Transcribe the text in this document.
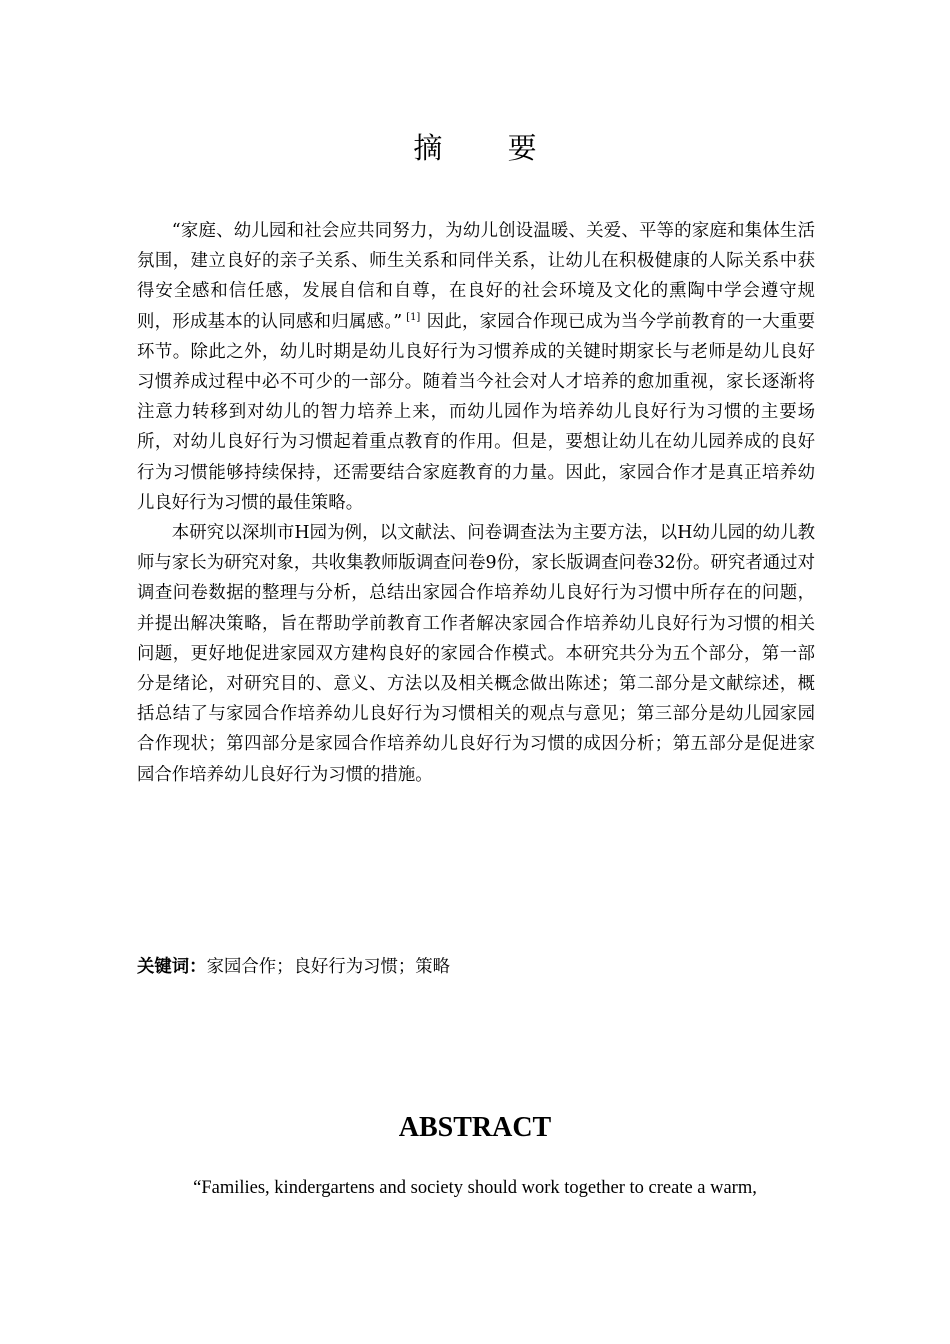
摘 要

“家庭、幼儿园和社会应共同努力，为幼儿创设温暖、关爱、平等的家庭和集体生活氛围，建立良好的亲子关系、师生关系和同伴关系，让幼儿在积极健康的人际关系中获得安全感和信任感，发展自信和自尊，在良好的社会环境及文化的熏陶中学会遵守规则，形成基本的认同感和归属感。” [1] 因此，家园合作现已成为当今学前教育的一大重要环节。除此之外，幼儿时期是幼儿良好行为习惯养成的关键时期家长与老师是幼儿良好习惯养成过程中必不可少的一部分。随着当今社会对人才培养的愈加重视，家长逐渐将注意力转移到对幼儿的智力培养上来，而幼儿园作为培养幼儿良好行为习惯的主要场所，对幼儿良好行为习惯起着重点教育的作用。但是，要想让幼儿在幼儿园养成的良好行为习惯能够持续保持，还需要结合家庭教育的力量。因此，家园合作才是真正培养幼儿良好行为习惯的最佳策略。

本研究以深圳市H园为例，以文献法、问卷调查法为主要方法，以H幼儿园的幼儿教师与家长为研究对象，共收集教师版调查问卷9份，家长版调查问卷32份。研究者通过对调查问卷数据的整理与分析，总结出家园合作培养幼儿良好行为习惯中所存在的问题，并提出解决策略，旨在帮助学前教育工作者解决家园合作培养幼儿良好行为习惯的相关问题，更好地促进家园双方建构良好的家园合作模式。本研究共分为五个部分，第一部分是绪论，对研究目的、意义、方法以及相关概念做出陈述；第二部分是文献综述，概括总结了与家园合作培养幼儿良好行为习惯相关的观点与意见；第三部分是幼儿园家园合作现状；第四部分是家园合作培养幼儿良好行为习惯的成因分析；第五部分是促进家园合作培养幼儿良好行为习惯的措施。

关键词：家园合作；良好行为习惯；策略
ABSTRACT
“Families, kindergartens and society should work together to create a warm,
